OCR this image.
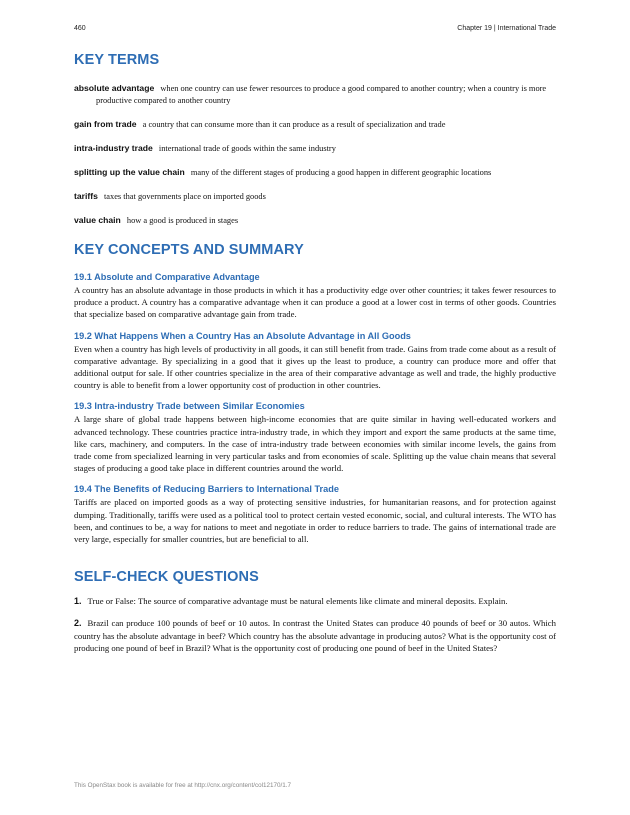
460	Chapter 19 | International Trade
KEY TERMS

absolute advantage when one country can use fewer resources to produce a good compared to another country; when a country is more productive compared to another country

gain from trade a country that can consume more than it can produce as a result of specialization and trade

intra-industry trade international trade of goods within the same industry

splitting up the value chain many of the different stages of producing a good happen in different geographic locations

tariffs taxes that governments place on imported goods

value chain how a good is produced in stages

KEY CONCEPTS AND SUMMARY
19.1 Absolute and Comparative Advantage

A country has an absolute advantage in those products in which it has a productivity edge over other countries; it takes fewer resources to produce a product. A country has a comparative advantage when it can produce a good at a lower cost in terms of other goods. Countries that specialize based on comparative advantage gain from trade.

19.2 What Happens When a Country Has an Absolute Advantage in All Goods

Even when a country has high levels of productivity in all goods, it can still benefit from trade. Gains from trade come about as a result of comparative advantage. By specializing in a good that it gives up the least to produce, a country can produce more and offer that additional output for sale. If other countries specialize in the area of their comparative advantage as well and trade, the highly productive country is able to benefit from a lower opportunity cost of production in other countries.

19.3 Intra-industry Trade between Similar Economies

A large share of global trade happens between high-income economies that are quite similar in having well-educated workers and advanced technology. These countries practice intra-industry trade, in which they import and export the same products at the same time, like cars, machinery, and computers. In the case of intra-industry trade between economies with similar income levels, the gains from trade come from specialized learning in very particular tasks and from economies of scale. Splitting up the value chain means that several stages of producing a good take place in different countries around the world.

19.4 The Benefits of Reducing Barriers to International Trade

Tariffs are placed on imported goods as a way of protecting sensitive industries, for humanitarian reasons, and for protection against dumping. Traditionally, tariffs were used as a political tool to protect certain vested economic, social, and cultural interests. The WTO has been, and continues to be, a way for nations to meet and negotiate in order to reduce barriers to trade. The gains of international trade are very large, especially for smaller countries, but are beneficial to all.

SELF-CHECK QUESTIONS

1. True or False: The source of comparative advantage must be natural elements like climate and mineral deposits. Explain.

2. Brazil can produce 100 pounds of beef or 10 autos. In contrast the United States can produce 40 pounds of beef or 30 autos. Which country has the absolute advantage in beef? Which country has the absolute advantage in producing autos? What is the opportunity cost of producing one pound of beef in Brazil? What is the opportunity cost of producing one pound of beef in the United States?

This OpenStax book is available for free at http://cnx.org/content/col12170/1.7
